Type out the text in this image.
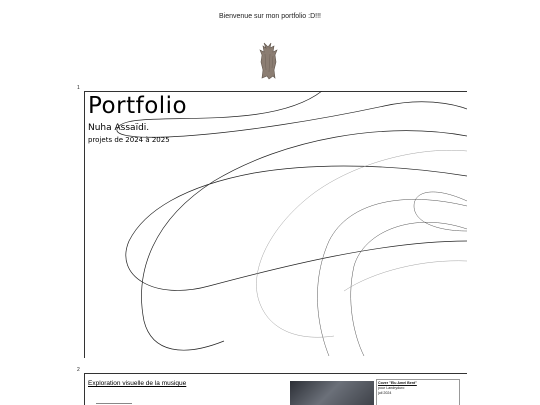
Bienvenue sur mon portfolio :D!!!
1
Portfolio
Nuha Assaïdi.
projets de 2024 à 2025
2
Exploration visuelle de la musique	Cover "Elu Amel Bent"
pour Landryduro
juil 2024
